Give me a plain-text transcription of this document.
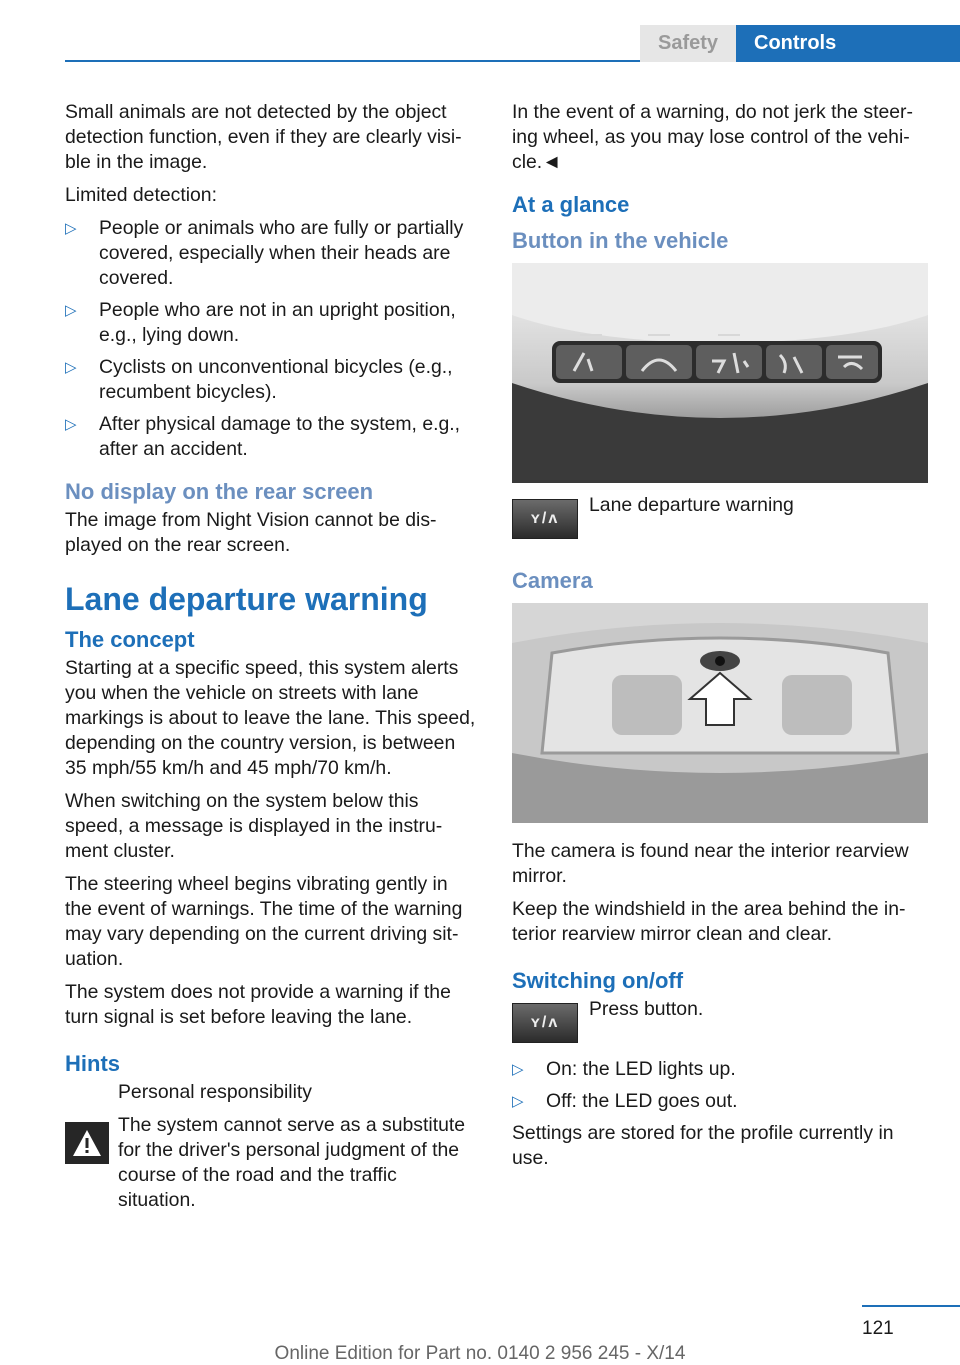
Safety	Controls

Small animals are not detected by the object detection function, even if they are clearly visi-ble in the image.

Limited detection:

▷ People or animals who are fully or partially covered, especially when their heads are covered.
▷ People who are not in an upright position, e.g., lying down.
▷ Cyclists on unconventional bicycles (e.g., recumbent bicycles).
▷ After physical damage to the system, e.g., after an accident.
No display on the rear screen

The image from Night Vision cannot be dis-played on the rear screen.

Lane departure warning
The concept

Starting at a specific speed, this system alerts you when the vehicle on streets with lane markings is about to leave the lane. This speed, depending on the country version, is between 35 mph/55 km/h and 45 mph/70 km/h.

When switching on the system below this speed, a message is displayed in the instru-ment cluster.

The steering wheel begins vibrating gently in the event of warnings. The time of the warning may vary depending on the current driving sit-uation.

The system does not provide a warning if the turn signal is set before leaving the lane.

Hints

Personal responsibility

The system cannot serve as a substitute for the driver's personal judgment of the course of the road and the traffic situation.

In the event of a warning, do not jerk the steer-ing wheel, as you may lose control of the vehi-cle.◄

At a glance
Button in the vehicle
ʏ/ʌ
Lane departure warning
Camera

The camera is found near the interior rearview mirror.

Keep the windshield in the area behind the in-terior rearview mirror clean and clear.

Switching on/off
ʏ/ʌ
Press button.
▷ On: the LED lights up.
▷ Off: the LED goes out.

Settings are stored for the profile currently in use.

121
Online Edition for Part no. 0140 2 956 245 - X/14
